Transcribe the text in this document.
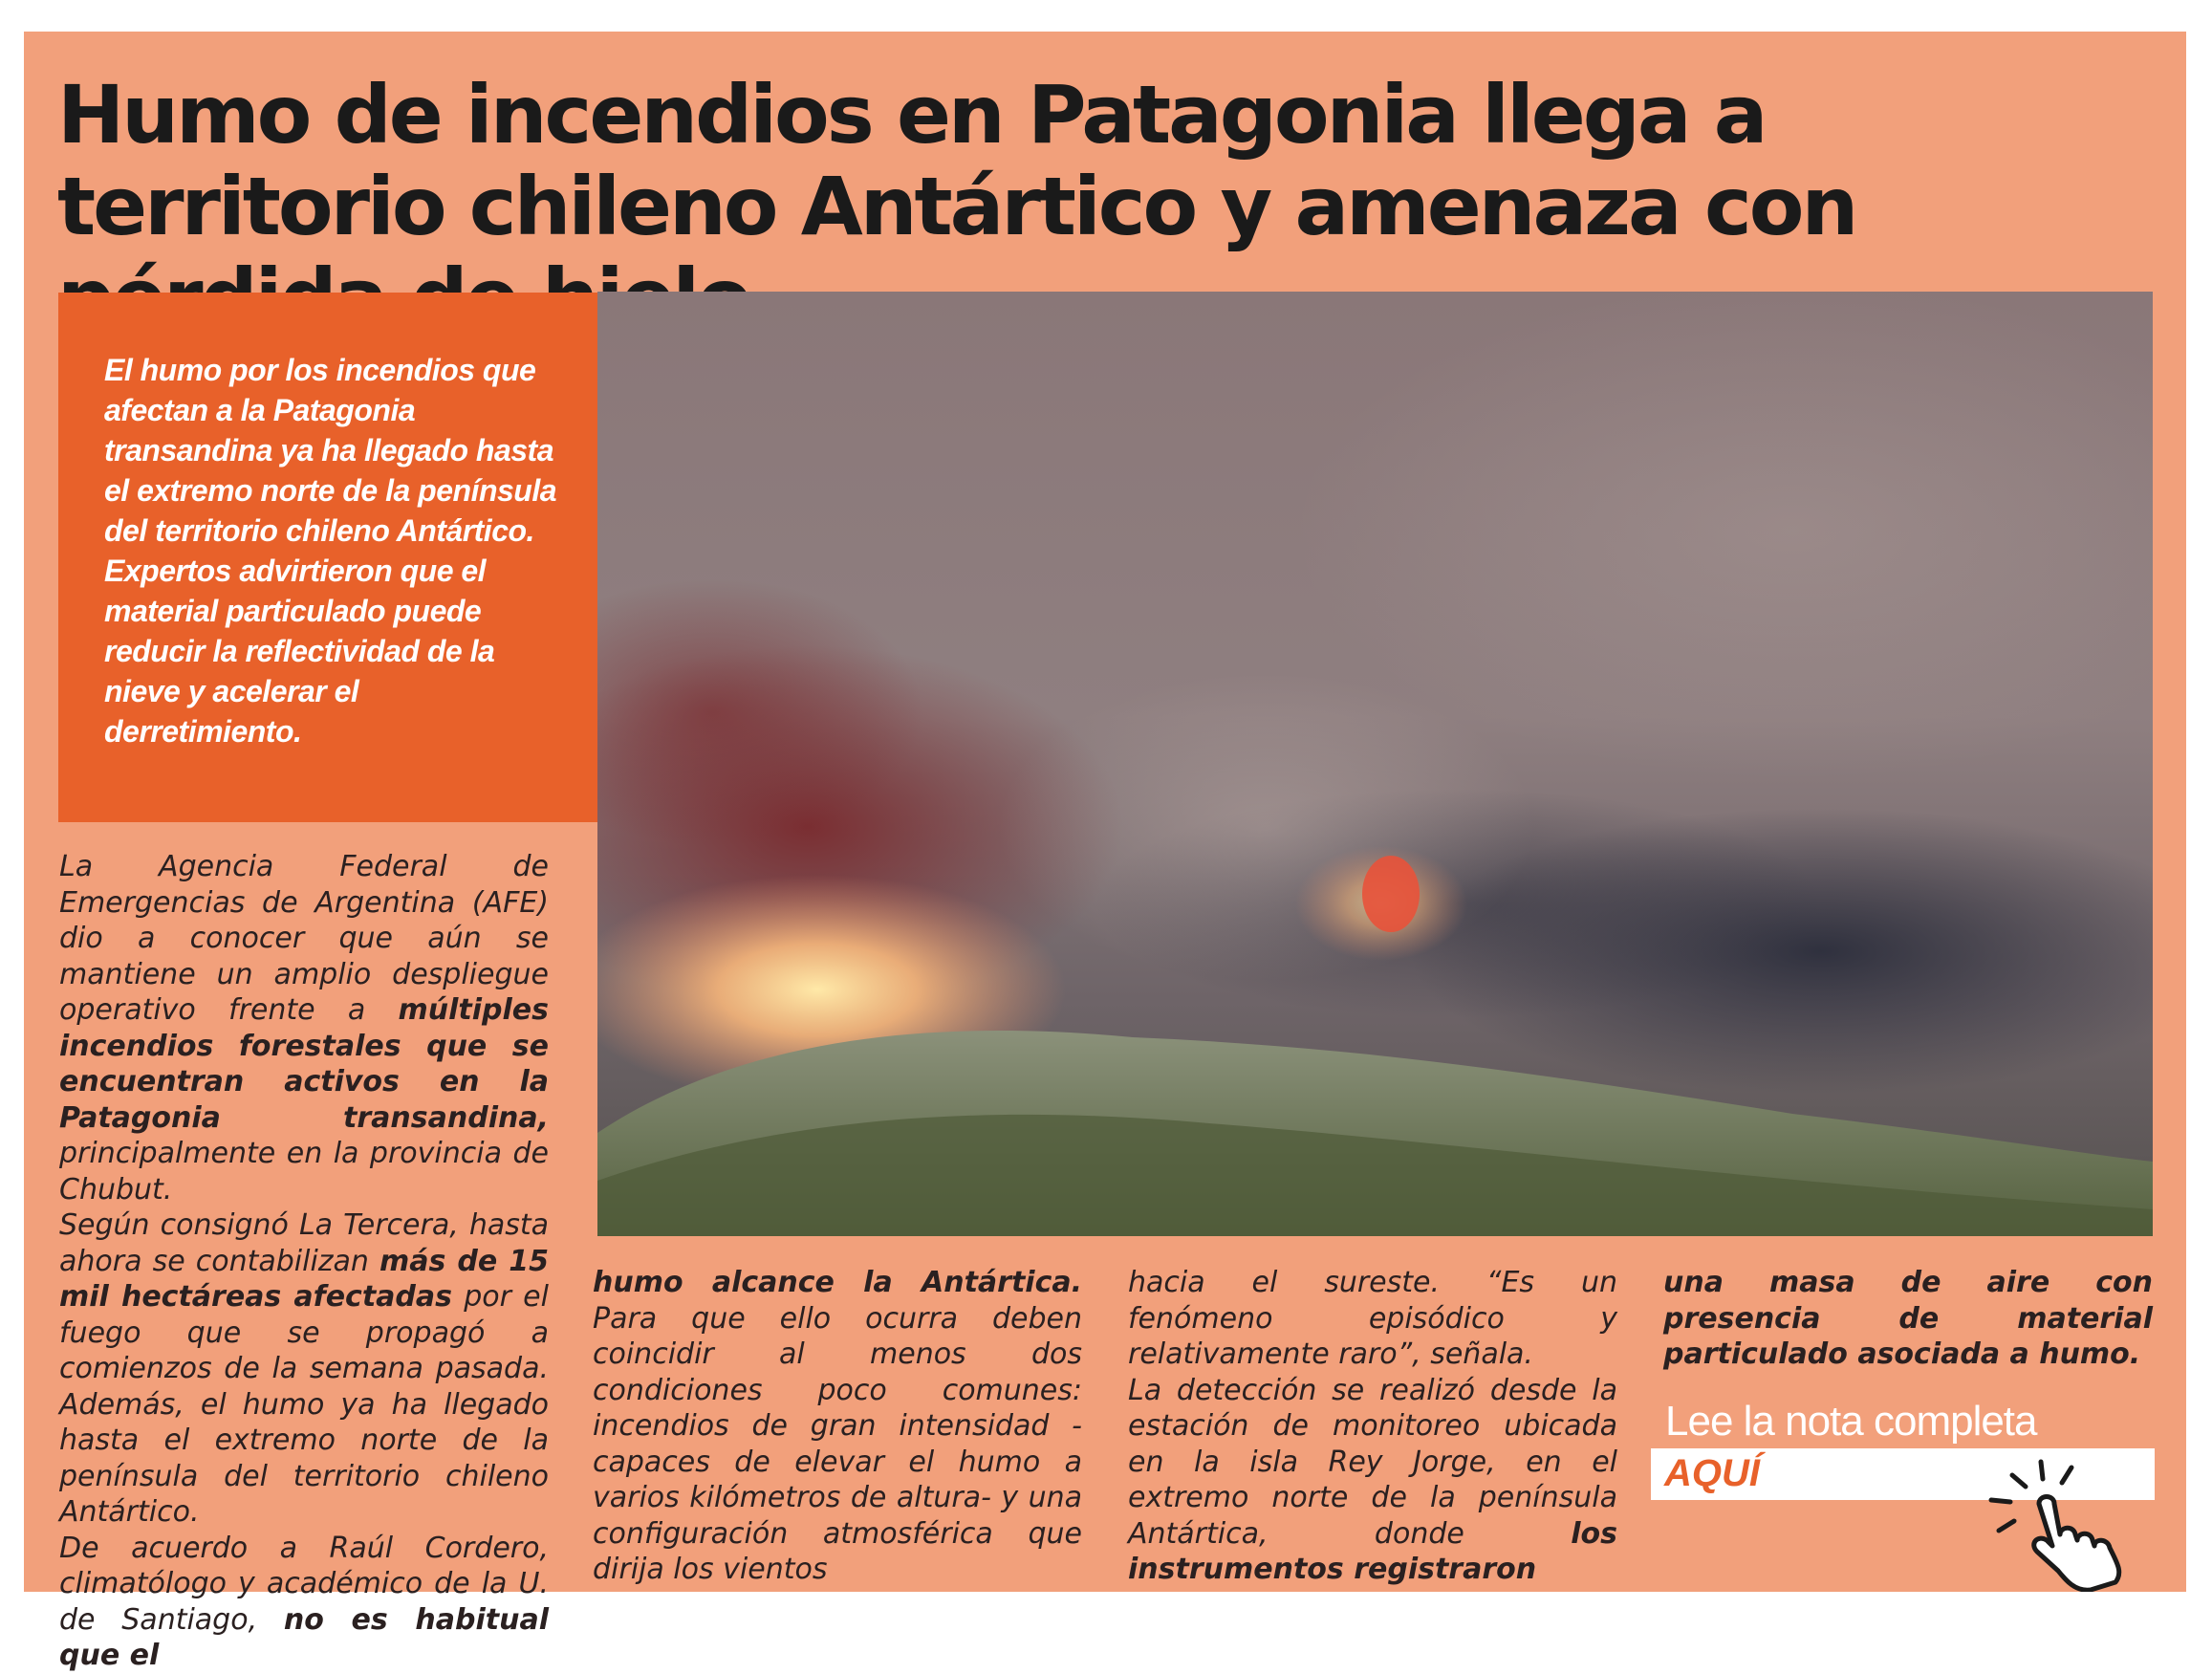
Humo de incendios en Patagonia llega a territorio chileno Antártico y amenaza con
El humo por los incendios que afectan a la Patagonia transandina ya ha llegado hasta el extremo norte de la península del territorio chileno Antártico. Expertos advirtieron que el material particulado puede reducir la reflectividad de la nieve y acelerar el derretimiento.

La Agencia Federal de Emergencias de Argentina (AFE) dio a conocer que aún se mantiene un amplio despliegue operativo frente a múltiples incendios forestales que se encuentran activos en la Patagonia transandina, principalmente en la provincia de Chubut.

Según consignó La Tercera, hasta ahora se contabilizan más de 15 mil hectáreas afectadas por el fuego que se propagó a comienzos de la semana pasada. Además, el humo ya ha llegado hasta el extremo norte de la península del territorio chileno Antártico.

De acuerdo a Raúl Cordero, climatólogo y académico de la U. de Santiago, no es habitual que el

humo alcance la Antártica. Para que ello ocurra deben coincidir al menos dos condiciones poco comunes: incendios de gran intensidad -capaces de elevar el humo a varios kilómetros de altura- y una configuración atmosférica que dirija los vientos

hacia el sureste. “Es un fenómeno episódico y relativamente raro”, señala.

La detección se realizó desde la estación de monitoreo ubicada en la isla Rey Jorge, en el extremo norte de la península Antártica, donde los instrumentos registraron

una masa de aire con presencia de material particulado asociada a humo.

Lee la nota completa
AQUÍ
